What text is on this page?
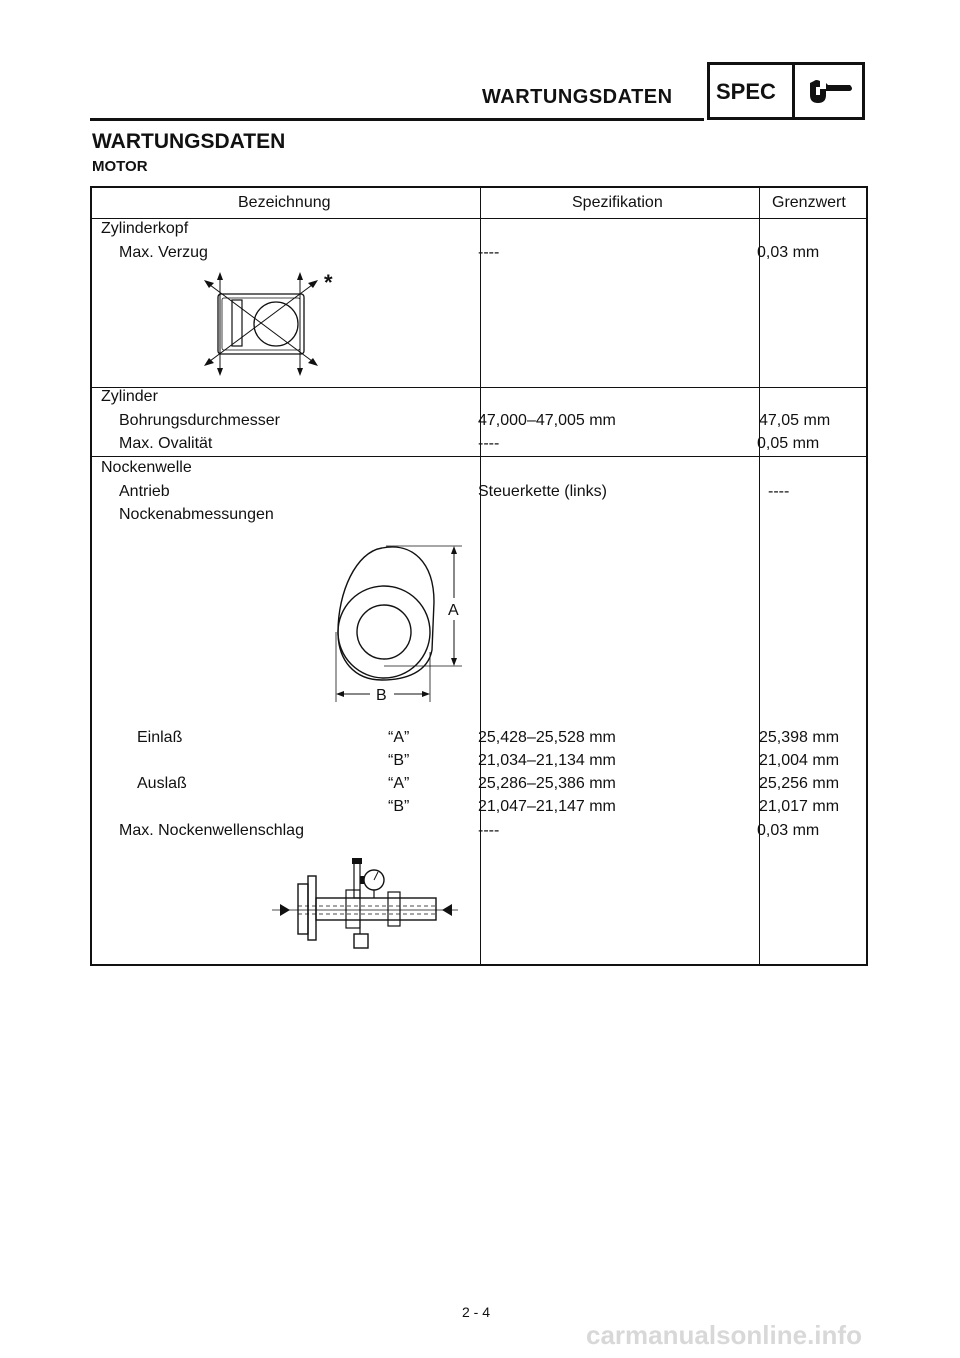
WARTUNGSDATEN SPEC
WARTUNGSDATEN
MOTOR
Bezeichnung	Spezifikation	Grenzwert
Zylinderkopf
Max. Verzug	----	0,03 mm
*
Zylinder
Bohrungsdurchmesser	47,000–47,005 mm	47,05 mm
Max. Ovalität	----	0,05 mm
Nockenwelle
Antrieb	Steuerkette (links)	----
Nockenabmessungen
A
B
Einlaß	“A”	25,428–25,528 mm	25,398 mm
“B”	21,034–21,134 mm	21,004 mm
Auslaß	“A”	25,286–25,386 mm	25,256 mm
“B”	21,047–21,147 mm	21,017 mm
Max. Nockenwellenschlag	----	0,03 mm
2 - 4
carmanualsonline.info
